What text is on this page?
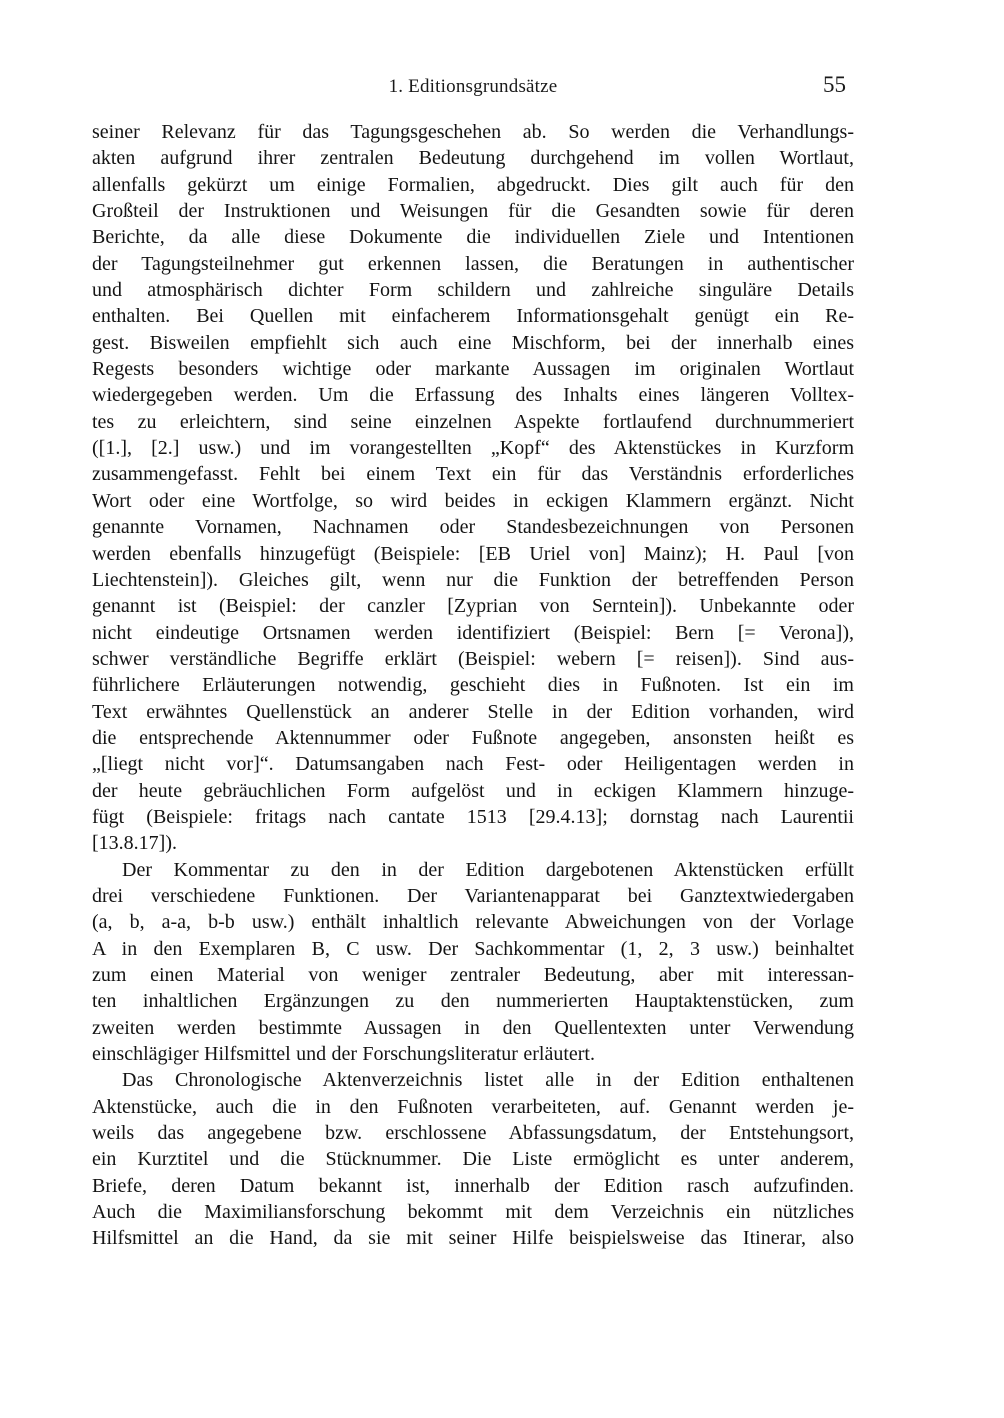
1. Editionsgrundsätze	55
seiner Relevanz für das Tagungsgeschehen ab. So werden die Verhandlungs-
akten aufgrund ihrer zentralen Bedeutung durchgehend im vollen Wortlaut,
allenfalls gekürzt um einige Formalien, abgedruckt. Dies gilt auch für den
Großteil der Instruktionen und Weisungen für die Gesandten sowie für deren
Berichte, da alle diese Dokumente die individuellen Ziele und Intentionen
der Tagungsteilnehmer gut erkennen lassen, die Beratungen in authentischer
und atmosphärisch dichter Form schildern und zahlreiche singuläre Details
enthalten. Bei Quellen mit einfacherem Informationsgehalt genügt ein Re-
gest. Bisweilen empfiehlt sich auch eine Mischform, bei der innerhalb eines
Regests besonders wichtige oder markante Aussagen im originalen Wortlaut
wiedergegeben werden. Um die Erfassung des Inhalts eines längeren Volltex-
tes zu erleichtern, sind seine einzelnen Aspekte fortlaufend durchnummeriert
([1.], [2.] usw.) und im vorangestellten „Kopf“ des Aktenstückes in Kurzform
zusammengefasst. Fehlt bei einem Text ein für das Verständnis erforderliches
Wort oder eine Wortfolge, so wird beides in eckigen Klammern ergänzt. Nicht
genannte Vornamen, Nachnamen oder Standesbezeichnungen von Personen
werden ebenfalls hinzugefügt (Beispiele: [EB Uriel von] Mainz); H. Paul [von
Liechtenstein]). Gleiches gilt, wenn nur die Funktion der betreffenden Person
genannt ist (Beispiel: der canzler [Zyprian von Serntein]). Unbekannte oder
nicht eindeutige Ortsnamen werden identifiziert (Beispiel: Bern [= Verona]),
schwer verständliche Begriffe erklärt (Beispiel: webern [= reisen]). Sind aus-
führlichere Erläuterungen notwendig, geschieht dies in Fußnoten. Ist ein im
Text erwähntes Quellenstück an anderer Stelle in der Edition vorhanden, wird
die entsprechende Aktennummer oder Fußnote angegeben, ansonsten heißt es
„[liegt nicht vor]“. Datumsangaben nach Fest- oder Heiligentagen werden in
der heute gebräuchlichen Form aufgelöst und in eckigen Klammern hinzuge-
fügt (Beispiele: fritags nach cantate 1513 [29.4.13]; dornstag nach Laurentii
[13.8.17]).
Der Kommentar zu den in der Edition dargebotenen Aktenstücken erfüllt
drei verschiedene Funktionen. Der Variantenapparat bei Ganztextwiedergaben
(a, b, a-a, b-b usw.) enthält inhaltlich relevante Abweichungen von der Vorlage
A in den Exemplaren B, C usw. Der Sachkommentar (1, 2, 3 usw.) beinhaltet
zum einen Material von weniger zentraler Bedeutung, aber mit interessan-
ten inhaltlichen Ergänzungen zu den nummerierten Hauptaktenstücken, zum
zweiten werden bestimmte Aussagen in den Quellentexten unter Verwendung
einschlägiger Hilfsmittel und der Forschungsliteratur erläutert.
Das Chronologische Aktenverzeichnis listet alle in der Edition enthaltenen
Aktenstücke, auch die in den Fußnoten verarbeiteten, auf. Genannt werden je-
weils das angegebene bzw. erschlossene Abfassungsdatum, der Entstehungsort,
ein Kurztitel und die Stücknummer. Die Liste ermöglicht es unter anderem,
Briefe, deren Datum bekannt ist, innerhalb der Edition rasch aufzufinden.
Auch die Maximiliansforschung bekommt mit dem Verzeichnis ein nützliches
Hilfsmittel an die Hand, da sie mit seiner Hilfe beispielsweise das Itinerar, also
